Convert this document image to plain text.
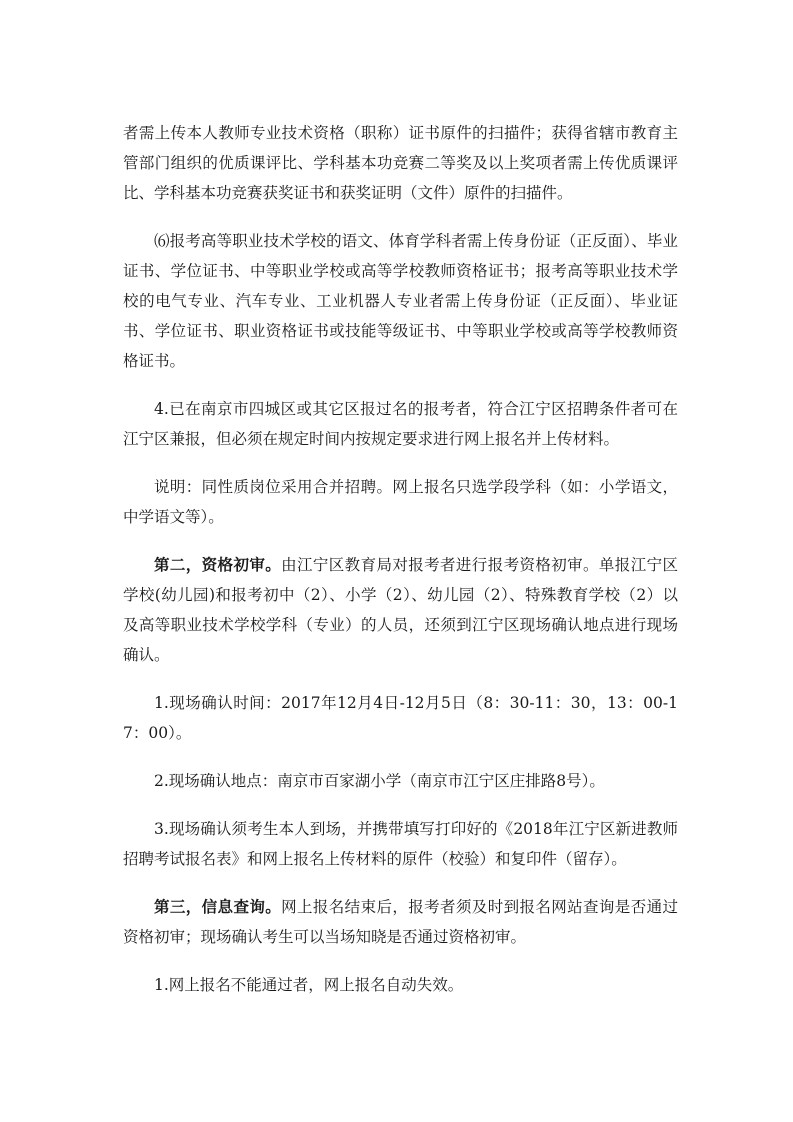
者需上传本人教师专业技术资格（职称）证书原件的扫描件；获得省辖市教育主管部门组织的优质课评比、学科基本功竞赛二等奖及以上奖项者需上传优质课评比、学科基本功竞赛获奖证书和获奖证明（文件）原件的扫描件。

⑹报考高等职业技术学校的语文、体育学科者需上传身份证（正反面）、毕业证书、学位证书、中等职业学校或高等学校教师资格证书；报考高等职业技术学校的电气专业、汽车专业、工业机器人专业者需上传身份证（正反面）、毕业证书、学位证书、职业资格证书或技能等级证书、中等职业学校或高等学校教师资格证书。

4.已在南京市四城区或其它区报过名的报考者，符合江宁区招聘条件者可在江宁区兼报，但必须在规定时间内按规定要求进行网上报名并上传材料。

说明：同性质岗位采用合并招聘。网上报名只选学段学科（如：小学语文，中学语文等）。

第二，资格初审。由江宁区教育局对报考者进行报考资格初审。单报江宁区学校(幼儿园)和报考初中（2）、小学（2）、幼儿园（2）、特殊教育学校（2）以及高等职业技术学校学科（专业）的人员，还须到江宁区现场确认地点进行现场确认。

1.现场确认时间：2017年12月4日-12月5日（8：30-11：30，13：00-17：00）。

2.现场确认地点：南京市百家湖小学（南京市江宁区庄排路8号）。

3.现场确认须考生本人到场，并携带填写打印好的《2018年江宁区新进教师招聘考试报名表》和网上报名上传材料的原件（校验）和复印件（留存）。

第三，信息查询。网上报名结束后，报考者须及时到报名网站查询是否通过资格初审；现场确认考生可以当场知晓是否通过资格初审。

1.网上报名不能通过者，网上报名自动失效。
